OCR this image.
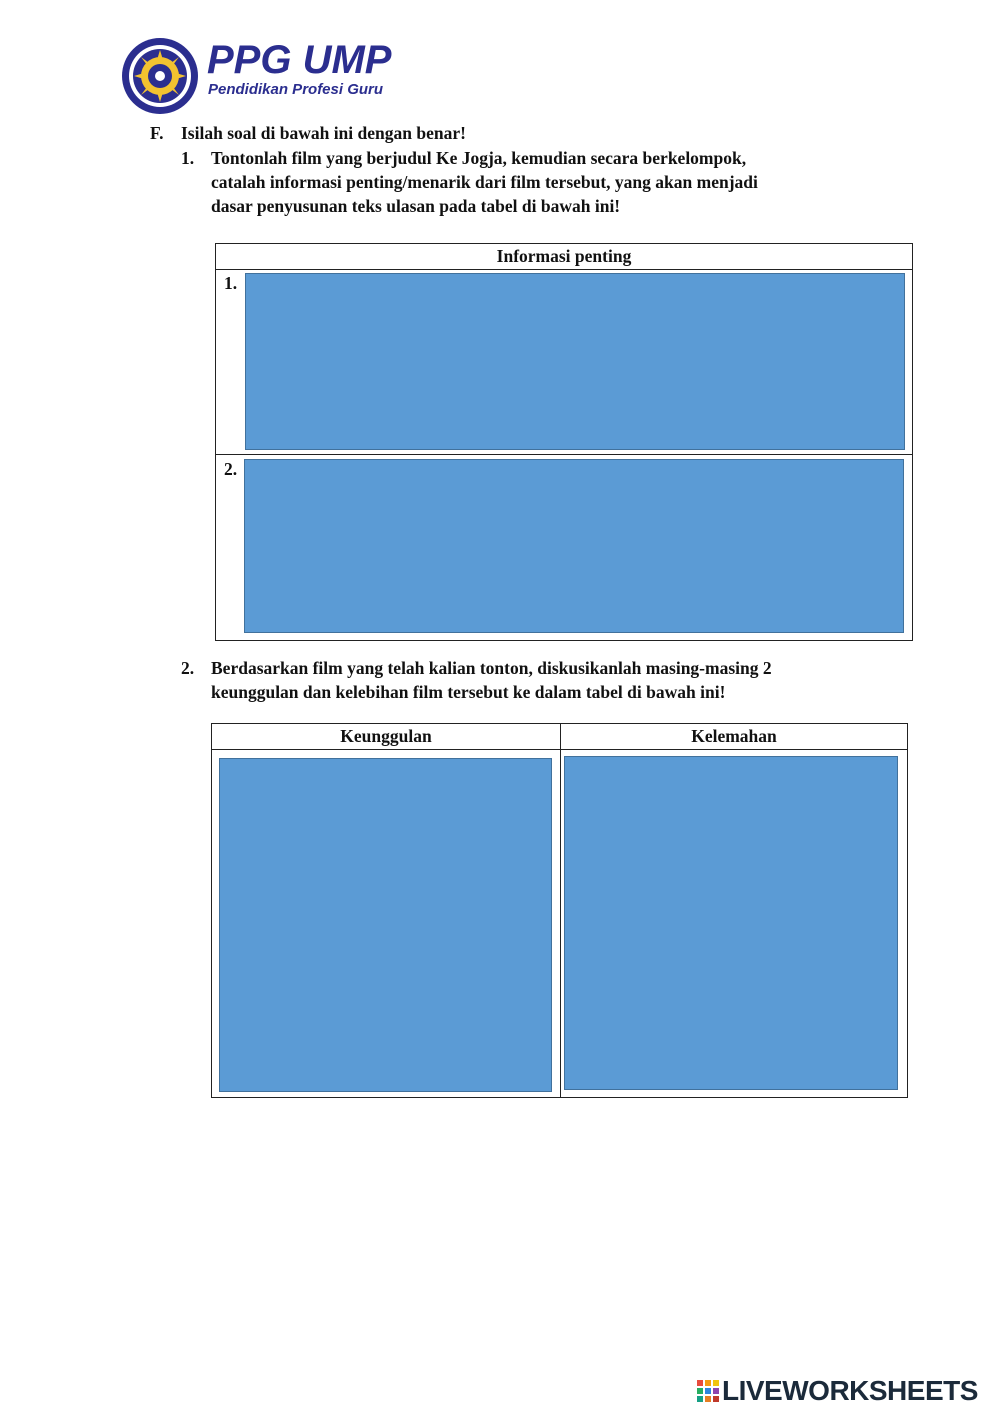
PPG UMP
Pendidikan Profesi Guru
F. Isilah soal di bawah ini dengan benar!
1. Tontonlah film yang berjudul Ke Jogja, kemudian secara berkelompok,
catalah informasi penting/menarik dari film tersebut, yang akan menjadi
dasar penyusunan teks ulasan pada tabel di bawah ini!
Informasi penting
1.
2.
2. Berdasarkan film yang telah kalian tonton, diskusikanlah masing-masing 2
keunggulan dan kelebihan film tersebut ke dalam tabel di bawah ini!
Keunggulan	Kelemahan
LIVEWORKSHEETS
